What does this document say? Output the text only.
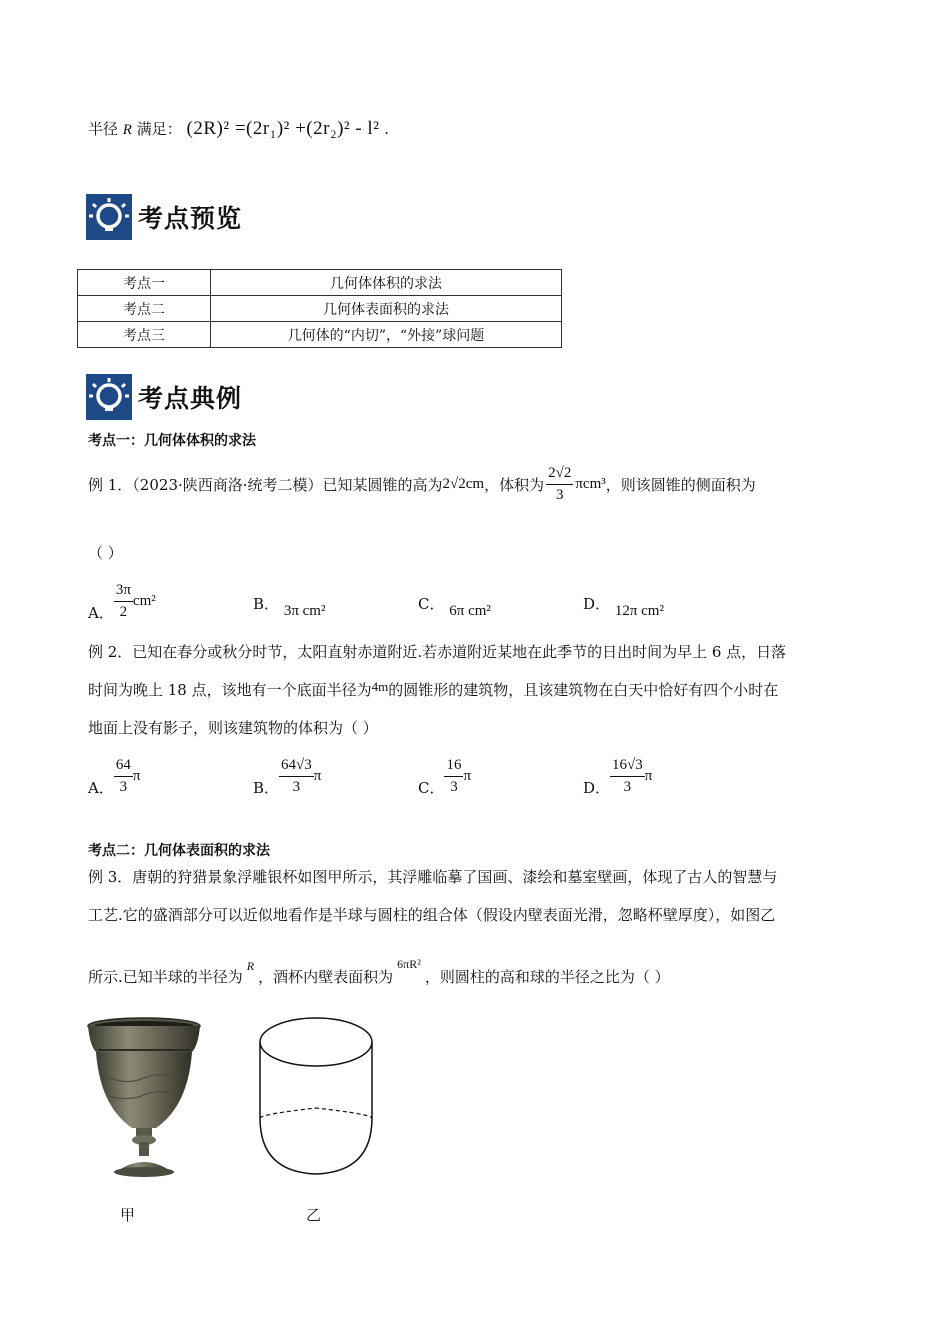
半径 R 满足： (2R)² =(2r₁)² +(2r₂)² - l² .
考点预览
考点一	几何体体积的求法
考点二	几何体表面积的求法
考点三	几何体的“内切”，“外接”球问题
考点典例
考点一：几何体体积的求法
例 1．（2023·陕西商洛·统考二模）已知某圆锥的高为 2√2cm ，体积为 $\frac{2√2}{3} \pi cm^3$ ，则该圆锥的侧面积为
（ ）
A． $\frac{3\pi}{2} cm^2$	B． 3π cm²	C． 6π cm²	D． 12π cm²
例 2．已知在春分或秋分时节，太阳直射赤道附近.若赤道附近某地在此季节的日出时间为早上 6 点，日落
时间为晚上 18 点，该地有一个底面半径为4m的圆锥形的建筑物，且该建筑物在白天中恰好有四个小时在
地面上没有影子，则该建筑物的体积为（ ）
A． $\frac{64}{3}$ π
B． $\frac{64√3}{3}$ π
C． $\frac{16}{3}$ π
D． $\frac{16√3}{3}$ π
考点二：几何体表面积的求法
例 3．唐朝的狩猎景象浮雕银杯如图甲所示，其浮雕临摹了国画、漆绘和墓室壁画，体现了古人的智慧与
工艺.它的盛酒部分可以近似地看作是半球与圆柱的组合体（假设内壁表面光滑，忽略杯壁厚度），如图乙
所示.已知半球的半径为$^R$，酒杯内壁表面积为$^{6\pi R^2}$，则圆柱的高和球的半径之比为（ ）
甲	乙
